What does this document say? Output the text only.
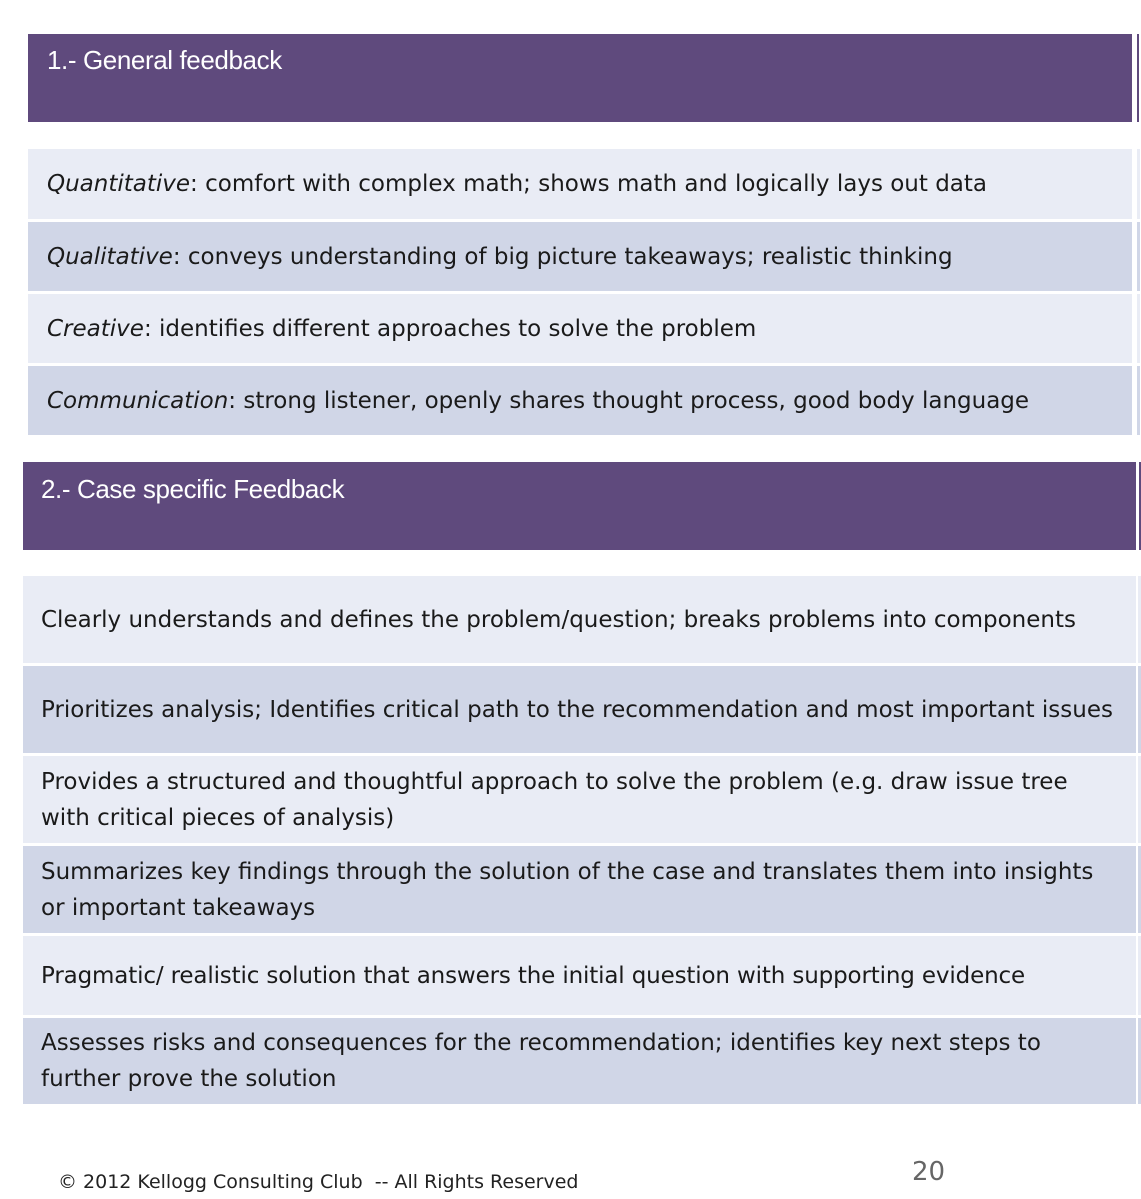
1.- General feedback
Quantitative: comfort with complex math; shows math and logically lays out data
Qualitative: conveys understanding of big picture takeaways; realistic thinking
Creative: identifies different approaches to solve the problem
Communication: strong listener, openly shares thought process, good body language
2.- Case specific Feedback
Clearly understands and defines the problem/question; breaks problems into components
Prioritizes analysis; Identifies critical path to the recommendation and most important issues
Provides a structured and thoughtful approach to solve the problem (e.g. draw issue tree with critical pieces of analysis)
Summarizes key findings through the solution of the case and translates them into insights or important takeaways
Pragmatic/ realistic solution that answers the initial question with supporting evidence
Assesses risks and consequences for the recommendation; identifies key next steps to further prove the solution
© 2012 Kellogg Consulting Club  -- All Rights Reserved	20
